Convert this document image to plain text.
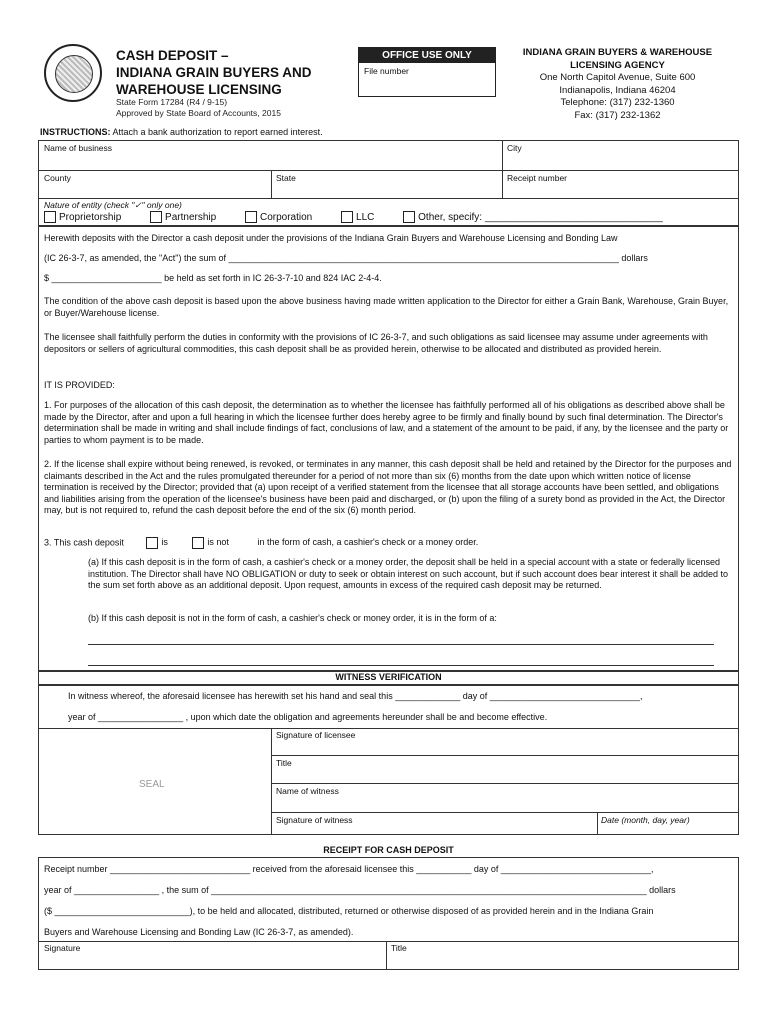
CASH DEPOSIT –
INDIANA GRAIN BUYERS AND
WAREHOUSE LICENSING
State Form 17284 (R4 / 9-15)
Approved by State Board of Accounts, 2015
OFFICE USE ONLY
File number
INDIANA GRAIN BUYERS & WAREHOUSE
LICENSING AGENCY
One North Capitol Avenue, Suite 600
Indianapolis, Indiana 46204
Telephone: (317) 232-1360
Fax: (317) 232-1362
INSTRUCTIONS: Attach a bank authorization to report earned interest.
Name of business	City
County	State	Receipt number
Nature of entity (check "✓" only one)
Proprietorship	Partnership	Corporation	LLC	Other, specify: ________________________________
Herewith deposits with the Director a cash deposit under the provisions of the Indiana Grain Buyers and Warehouse Licensing and Bonding Law
(IC 26-3-7, as amended, the "Act") the sum of ______________________________________________________________________________ dollars
$ ______________________ be held as set forth in IC 26-3-7-10 and 824 IAC 2-4-4.
The condition of the above cash deposit is based upon the above business having made written application to the Director for either a Grain Bank, Warehouse, Grain Buyer, or Buyer/Warehouse license.
The licensee shall faithfully perform the duties in conformity with the provisions of IC 26-3-7, and such obligations as said licensee may assume under agreements with depositors or sellers of agricultural commodities, this cash deposit shall be as provided herein, otherwise to be allocated and distributed as provided herein.
IT IS PROVIDED:
1. For purposes of the allocation of this cash deposit, the determination as to whether the licensee has faithfully performed all of his obligations as described above shall be made by the Director, after and upon a full hearing in which the licensee further does hereby agree to be firmly and finally bound by such final determination. The Director's determination shall be made in writing and shall include findings of fact, conclusions of law, and a statement of the amount to be paid, if any, by the licensee and the party or parties to whom payment is to be made.
2. If the license shall expire without being renewed, is revoked, or terminates in any manner, this cash deposit shall be held and retained by the Director for the purposes and claimants described in the Act and the rules promulgated thereunder for a period of not more than six (6) months from the date upon which written notice of license termination is received by the Director; provided that (a) upon receipt of a verified statement from the licensee that all storage accounts have been settled, and obligations and liabilities arising from the operation of the licensee's business have been paid and discharged, or (b) upon the filing of a surety bond as provided in the Act, the Director may, but is not required to, refund the cash deposit before the end of the six (6) month period.
3. This cash deposit	is	is not	in the form of cash, a cashier's check or a money order.
(a) If this cash deposit is in the form of cash, a cashier's check or a money order, the deposit shall be held in a special account with a state or federally licensed institution. The Director shall have NO OBLIGATION or duty to seek or obtain interest on such account, but if such account does bear interest it shall be added to the sum set forth above as an additional deposit. Upon request, amounts in excess of the required cash deposit may be returned.
(b) If this cash deposit is not in the form of cash, a cashier's check or money order, it is in the form of a:
WITNESS VERIFICATION
In witness whereof, the aforesaid licensee has herewith set his hand and seal this _____________ day of ______________________________,
year of _________________ , upon which date the obligation and agreements hereunder shall be and become effective.
SEAL
Signature of licensee
Title
Name of witness
Signature of witness	Date (month, day, year)
RECEIPT FOR CASH DEPOSIT
Receipt number ____________________________ received from the aforesaid licensee this ___________ day of ______________________________,
year of _________________ , the sum of _______________________________________________________________________________________ dollars
($ ___________________________), to be held and allocated, distributed, returned or otherwise disposed of as provided herein and in the Indiana Grain
Buyers and Warehouse Licensing and Bonding Law (IC 26-3-7, as amended).
Signature	Title
